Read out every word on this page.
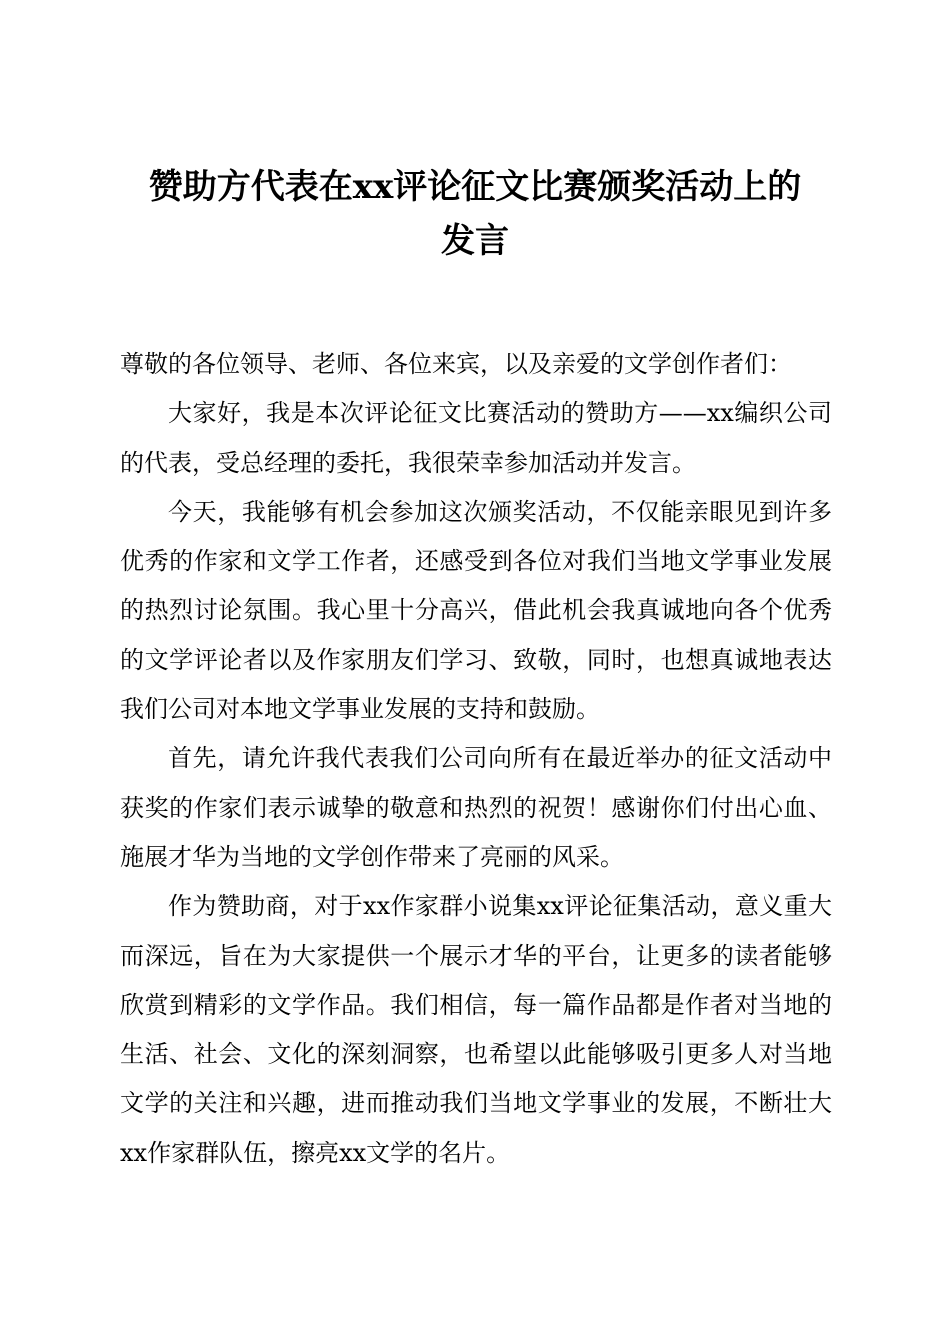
赞助方代表在xx评论征文比赛颁奖活动上的
发言

尊敬的各位领导、老师、各位来宾，以及亲爱的文学创作者们：

大家好，我是本次评论征文比赛活动的赞助方——xx编织公司的代表，受总经理的委托，我很荣幸参加活动并发言。

今天，我能够有机会参加这次颁奖活动，不仅能亲眼见到许多优秀的作家和文学工作者，还感受到各位对我们当地文学事业发展的热烈讨论氛围。我心里十分高兴，借此机会我真诚地向各个优秀的文学评论者以及作家朋友们学习、致敬，同时，也想真诚地表达我们公司对本地文学事业发展的支持和鼓励。

首先，请允许我代表我们公司向所有在最近举办的征文活动中获奖的作家们表示诚挚的敬意和热烈的祝贺！感谢你们付出心血、施展才华为当地的文学创作带来了亮丽的风采。

作为赞助商，对于xx作家群小说集xx评论征集活动，意义重大而深远，旨在为大家提供一个展示才华的平台，让更多的读者能够欣赏到精彩的文学作品。我们相信，每一篇作品都是作者对当地的生活、社会、文化的深刻洞察，也希望以此能够吸引更多人对当地文学的关注和兴趣，进而推动我们当地文学事业的发展，不断壮大xx作家群队伍，擦亮xx文学的名片。
